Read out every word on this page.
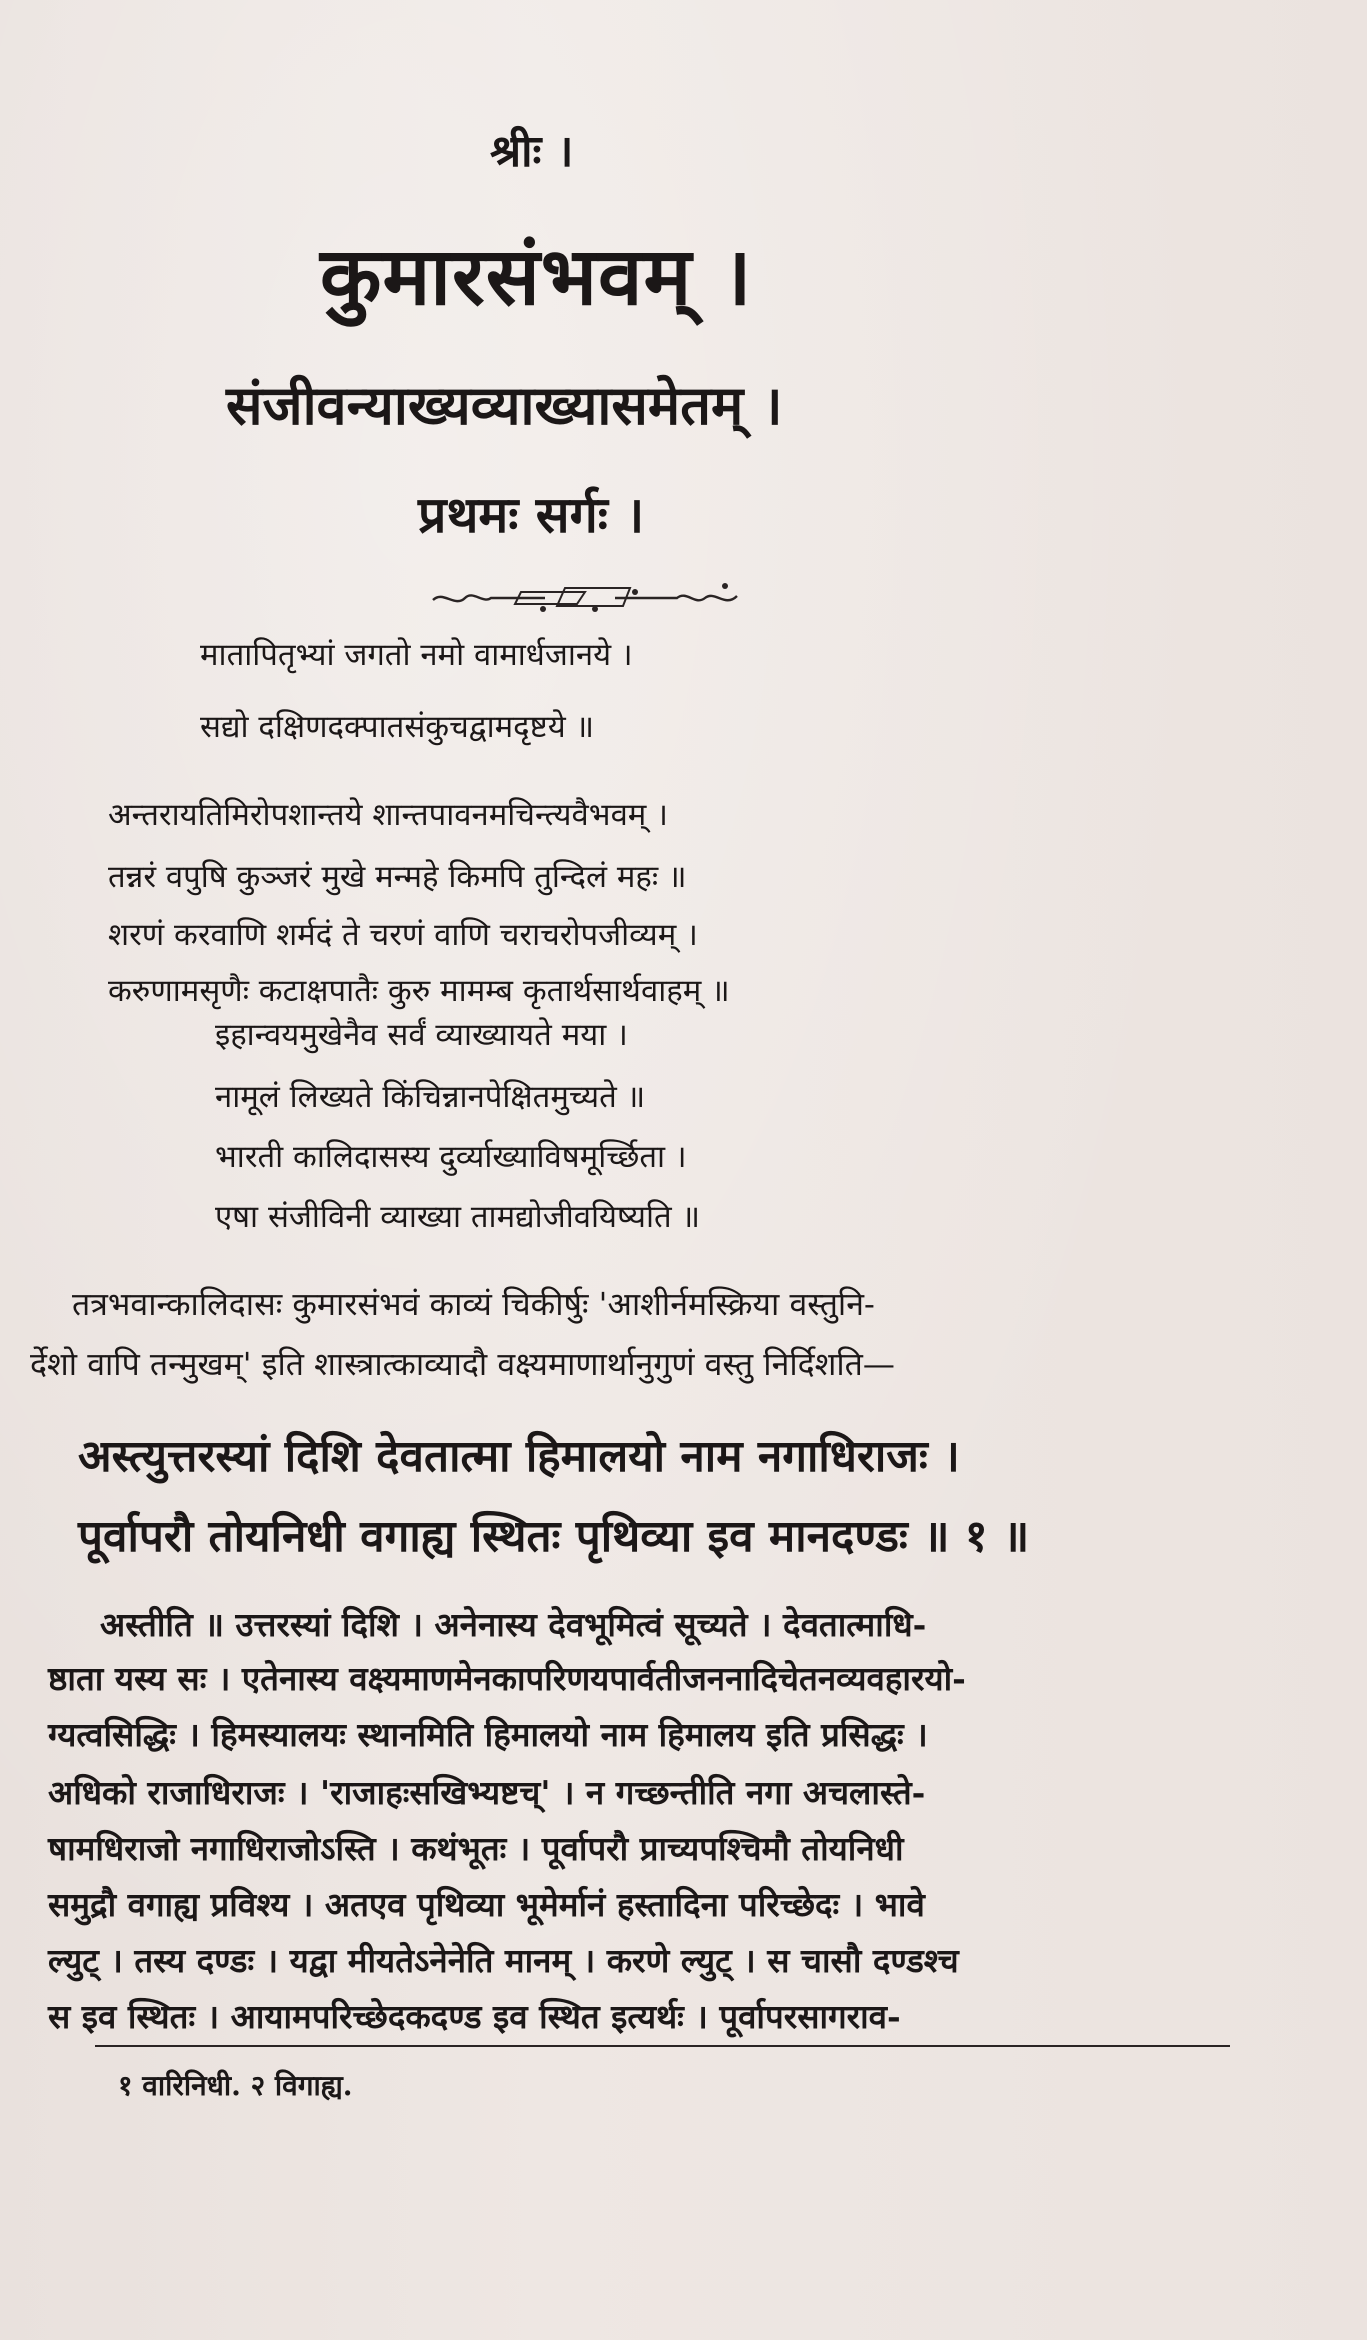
श्रीः ।
कुमारसंभवम् ।
संजीवन्याख्यव्याख्यासमेतम् ।
प्रथमः सर्गः ।
मातापितृभ्यां जगतो नमो वामार्धजानये ।
सद्यो दक्षिणदक्पातसंकुचद्वामदृष्टये ॥
अन्तरायतिमिरोपशान्तये शान्तपावनमचिन्त्यवैभवम् ।
तन्नरं वपुषि कुञ्जरं मुखे मन्महे किमपि तुन्दिलं महः ॥
शरणं करवाणि शर्मदं ते चरणं वाणि चराचरोपजीव्यम् ।
करुणामसृणैः कटाक्षपातैः कुरु मामम्ब कृतार्थसार्थवाहम् ॥
इहान्वयमुखेनैव सर्वं व्याख्यायते मया ।
नामूलं लिख्यते किंचिन्नानपेक्षितमुच्यते ॥
भारती कालिदासस्य दुर्व्याख्याविषमूर्च्छिता ।
एषा संजीविनी व्याख्या तामद्योजीवयिष्यति ॥
तत्रभवान्कालिदासः कुमारसंभवं काव्यं चिकीर्षुः 'आशीर्नमस्क्रिया वस्तुनि-
र्देशो वापि तन्मुखम्' इति शास्त्रात्काव्यादौ वक्ष्यमाणार्थानुगुणं वस्तु निर्दिशति—
अस्त्युत्तरस्यां दिशि देवतात्मा हिमालयो नाम नगाधिराजः ।
पूर्वापरौ तोयनिधी वगाह्य स्थितः पृथिव्या इव मानदण्डः ॥ १ ॥
अस्तीति ॥ उत्तरस्यां दिशि । अनेनास्य देवभूमित्वं सूच्यते । देवतात्माधि-
ष्ठाता यस्य सः । एतेनास्य वक्ष्यमाणमेनकापरिणयपार्वतीजननादिचेतनव्यवहारयो-
ग्यत्वसिद्धिः । हिमस्यालयः स्थानमिति हिमालयो नाम हिमालय इति प्रसिद्धः ।
अधिको राजाधिराजः । 'राजाहःसखिभ्यष्टच्' । न गच्छन्तीति नगा अचलास्ते-
षामधिराजो नगाधिराजोऽस्ति । कथंभूतः । पूर्वापरौ प्राच्यपश्चिमौ तोयनिधी
समुद्रौ वगाह्य प्रविश्य । अतएव पृथिव्या भूमेर्मानं हस्तादिना परिच्छेदः । भावे
ल्युट् । तस्य दण्डः । यद्वा मीयतेऽनेनेति मानम् । करणे ल्युट् । स चासौ दण्डश्च
स इव स्थितः । आयामपरिच्छेदकदण्ड इव स्थित इत्यर्थः । पूर्वापरसागराव-
१ वारिनिधी. २ विगाह्य.
